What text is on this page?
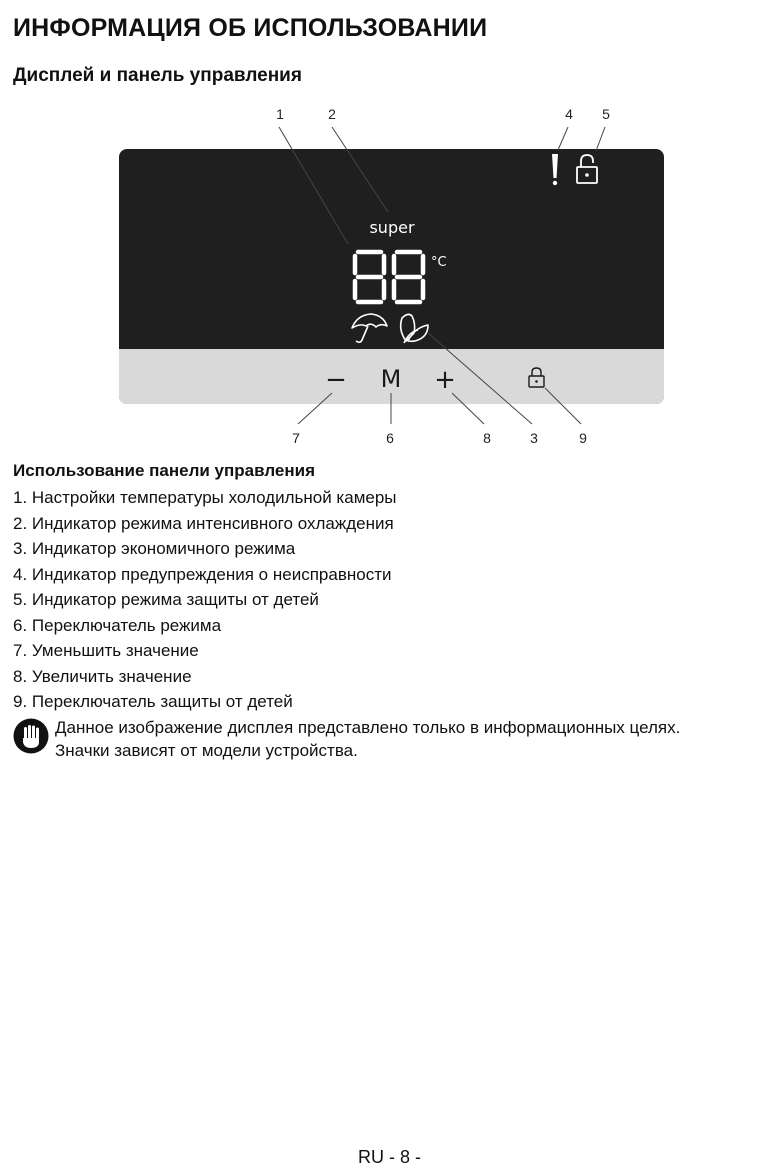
ИНФОРМАЦИЯ ОБ ИСПОЛЬЗОВАНИИ
Дисплей и панель управления
super
°C
− M +
1	2	4 5
7	6	8	3	9
Использование панели управления
1. Настройки температуры холодильной камеры
2. Индикатор режима интенсивного охлаждения
3. Индикатор экономичного режима
4. Индикатор предупреждения о неисправности
5. Индикатор режима защиты от детей
6. Переключатель режима
7. Уменьшить значение
8. Увеличить значение
9. Переключатель защиты от детей
Данное изображение дисплея представлено только в информационных целях.
Значки зависят от модели устройства.
RU - 8 -
